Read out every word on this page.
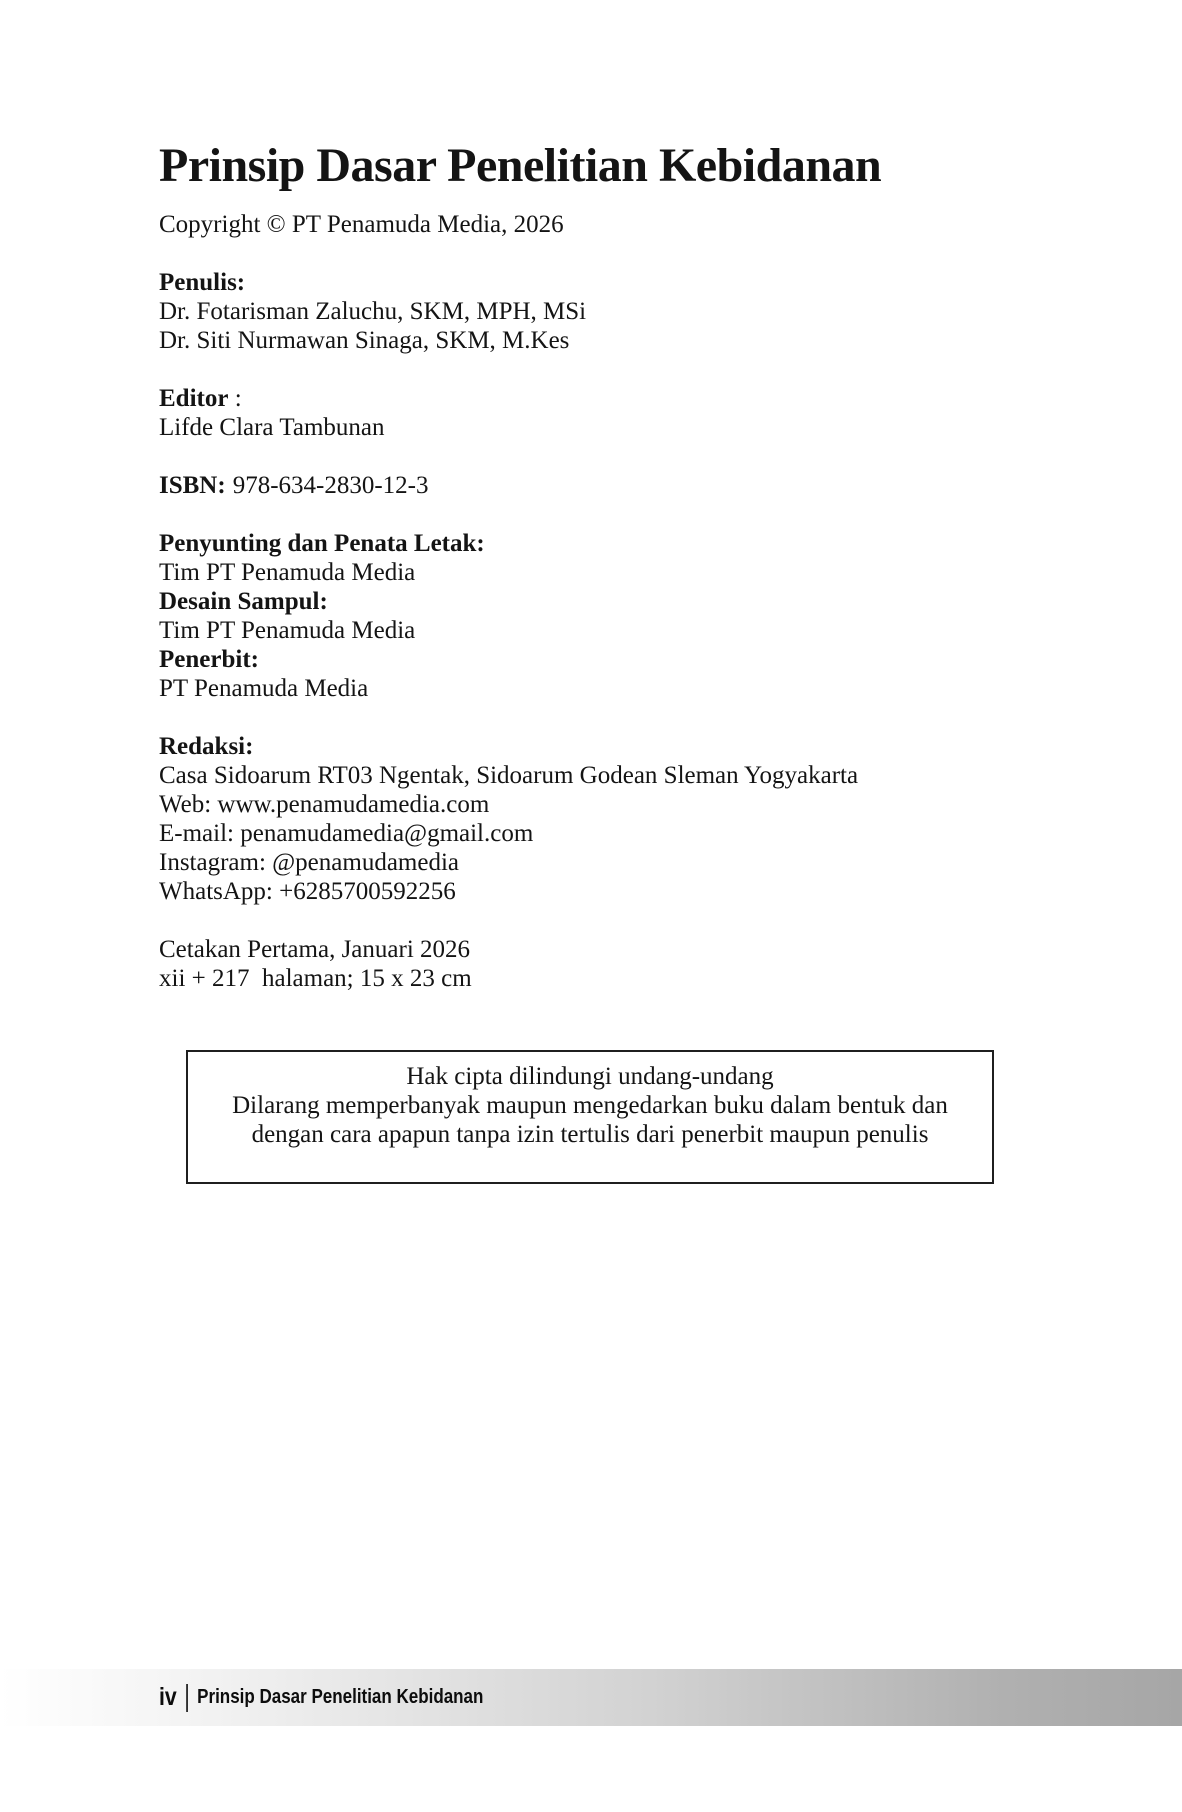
Prinsip Dasar Penelitian Kebidanan
Copyright © PT Penamuda Media, 2026
Penulis:
Dr. Fotarisman Zaluchu, SKM, MPH, MSi
Dr. Siti Nurmawan Sinaga, SKM, M.Kes
Editor :
Lifde Clara Tambunan
ISBN: 978-634-2830-12-3
Penyunting dan Penata Letak:
Tim PT Penamuda Media
Desain Sampul:
Tim PT Penamuda Media
Penerbit:
PT Penamuda Media
Redaksi:
Casa Sidoarum RT03 Ngentak, Sidoarum Godean Sleman Yogyakarta
Web: www.penamudamedia.com
E-mail: penamudamedia@gmail.com
Instagram: @penamudamedia
WhatsApp: +6285700592256
Cetakan Pertama, Januari 2026
xii + 217  halaman; 15 x 23 cm
Hak cipta dilindungi undang-undang
Dilarang memperbanyak maupun mengedarkan buku dalam bentuk dan
dengan cara apapun tanpa izin tertulis dari penerbit maupun penulis
iv Prinsip Dasar Penelitian Kebidanan
